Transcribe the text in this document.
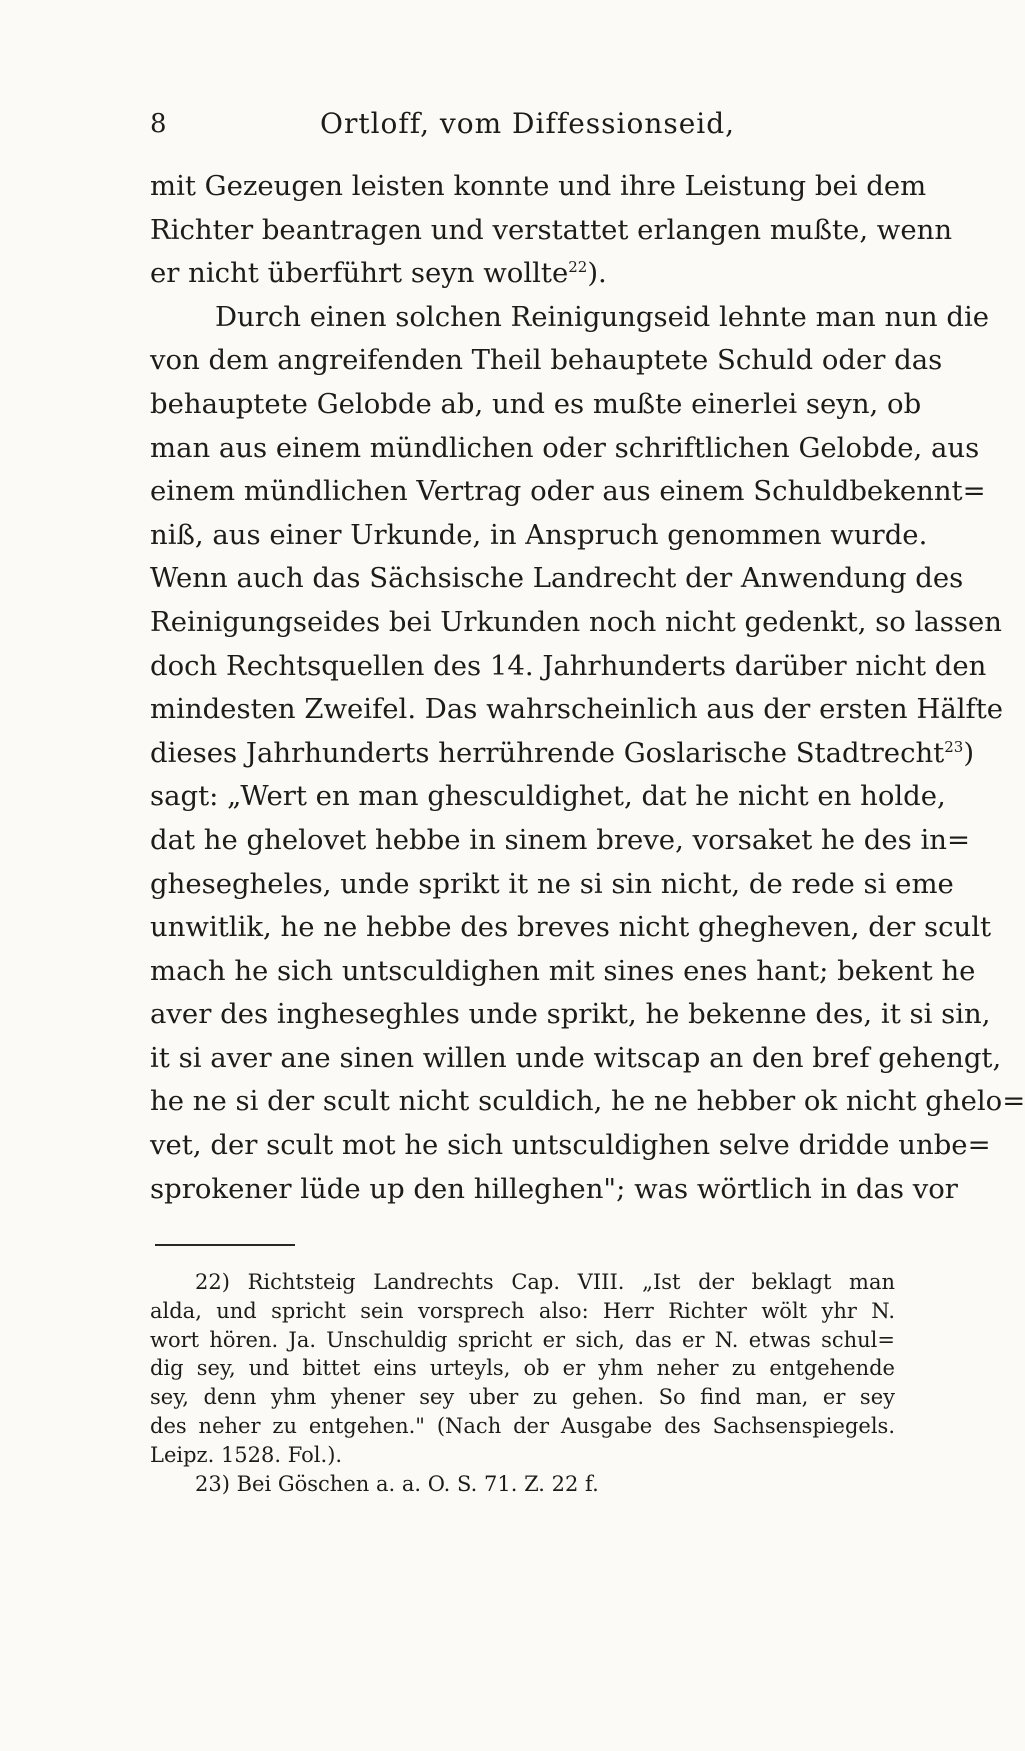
8	Ortloff, vom Diffessionseid,
mit Gezeugen leisten konnte und ihre Leistung bei dem
Richter beantragen und verstattet erlangen mußte, wenn
er nicht überführt seyn wollte$^{22}$).
Durch einen solchen Reinigungseid lehnte man nun die
von dem angreifenden Theil behauptete Schuld oder das
behauptete Gelobde ab, und es mußte einerlei seyn, ob
man aus einem mündlichen oder schriftlichen Gelobde, aus
einem mündlichen Vertrag oder aus einem Schuldbekennt=
niß, aus einer Urkunde, in Anspruch genommen wurde.
Wenn auch das Sächsische Landrecht der Anwendung des
Reinigungseides bei Urkunden noch nicht gedenkt, so lassen
doch Rechtsquellen des 14. Jahrhunderts darüber nicht den
mindesten Zweifel. Das wahrscheinlich aus der ersten Hälfte
dieses Jahrhunderts herrührende Goslarische Stadtrecht$^{23}$)
sagt: „Wert en man ghesculdighet, dat he nicht en holde,
dat he ghelovet hebbe in sinem breve, vorsaket he des in=
ghesegheles, unde sprikt it ne si sin nicht, de rede si eme
unwitlik, he ne hebbe des breves nicht ghegheven, der scult
mach he sich untsculdighen mit sines enes hant; bekent he
aver des ingheseghles unde sprikt, he bekenne des, it si sin,
it si aver ane sinen willen unde witscap an den bref gehengt,
he ne si der scult nicht sculdich, he ne hebber ok nicht ghelo=
vet, der scult mot he sich untsculdighen selve dridde unbe=
sprokener lüde up den hilleghen"; was wörtlich in das vor
22) Richtsteig Landrechts Cap. VIII. „Ist der beklagt man
alda, und spricht sein vorsprech also: Herr Richter wölt yhr N.
wort hören. Ja. Unschuldig spricht er sich, das er N. etwas schul=
dig sey, und bittet eins urteyls, ob er yhm neher zu entgehende
sey, denn yhm yhener sey uber zu gehen. So find man, er sey
des neher zu entgehen." (Nach der Ausgabe des Sachsenspiegels.
Leipz. 1528. Fol.).
23) Bei Göschen a. a. O. S. 71. Z. 22 f.
